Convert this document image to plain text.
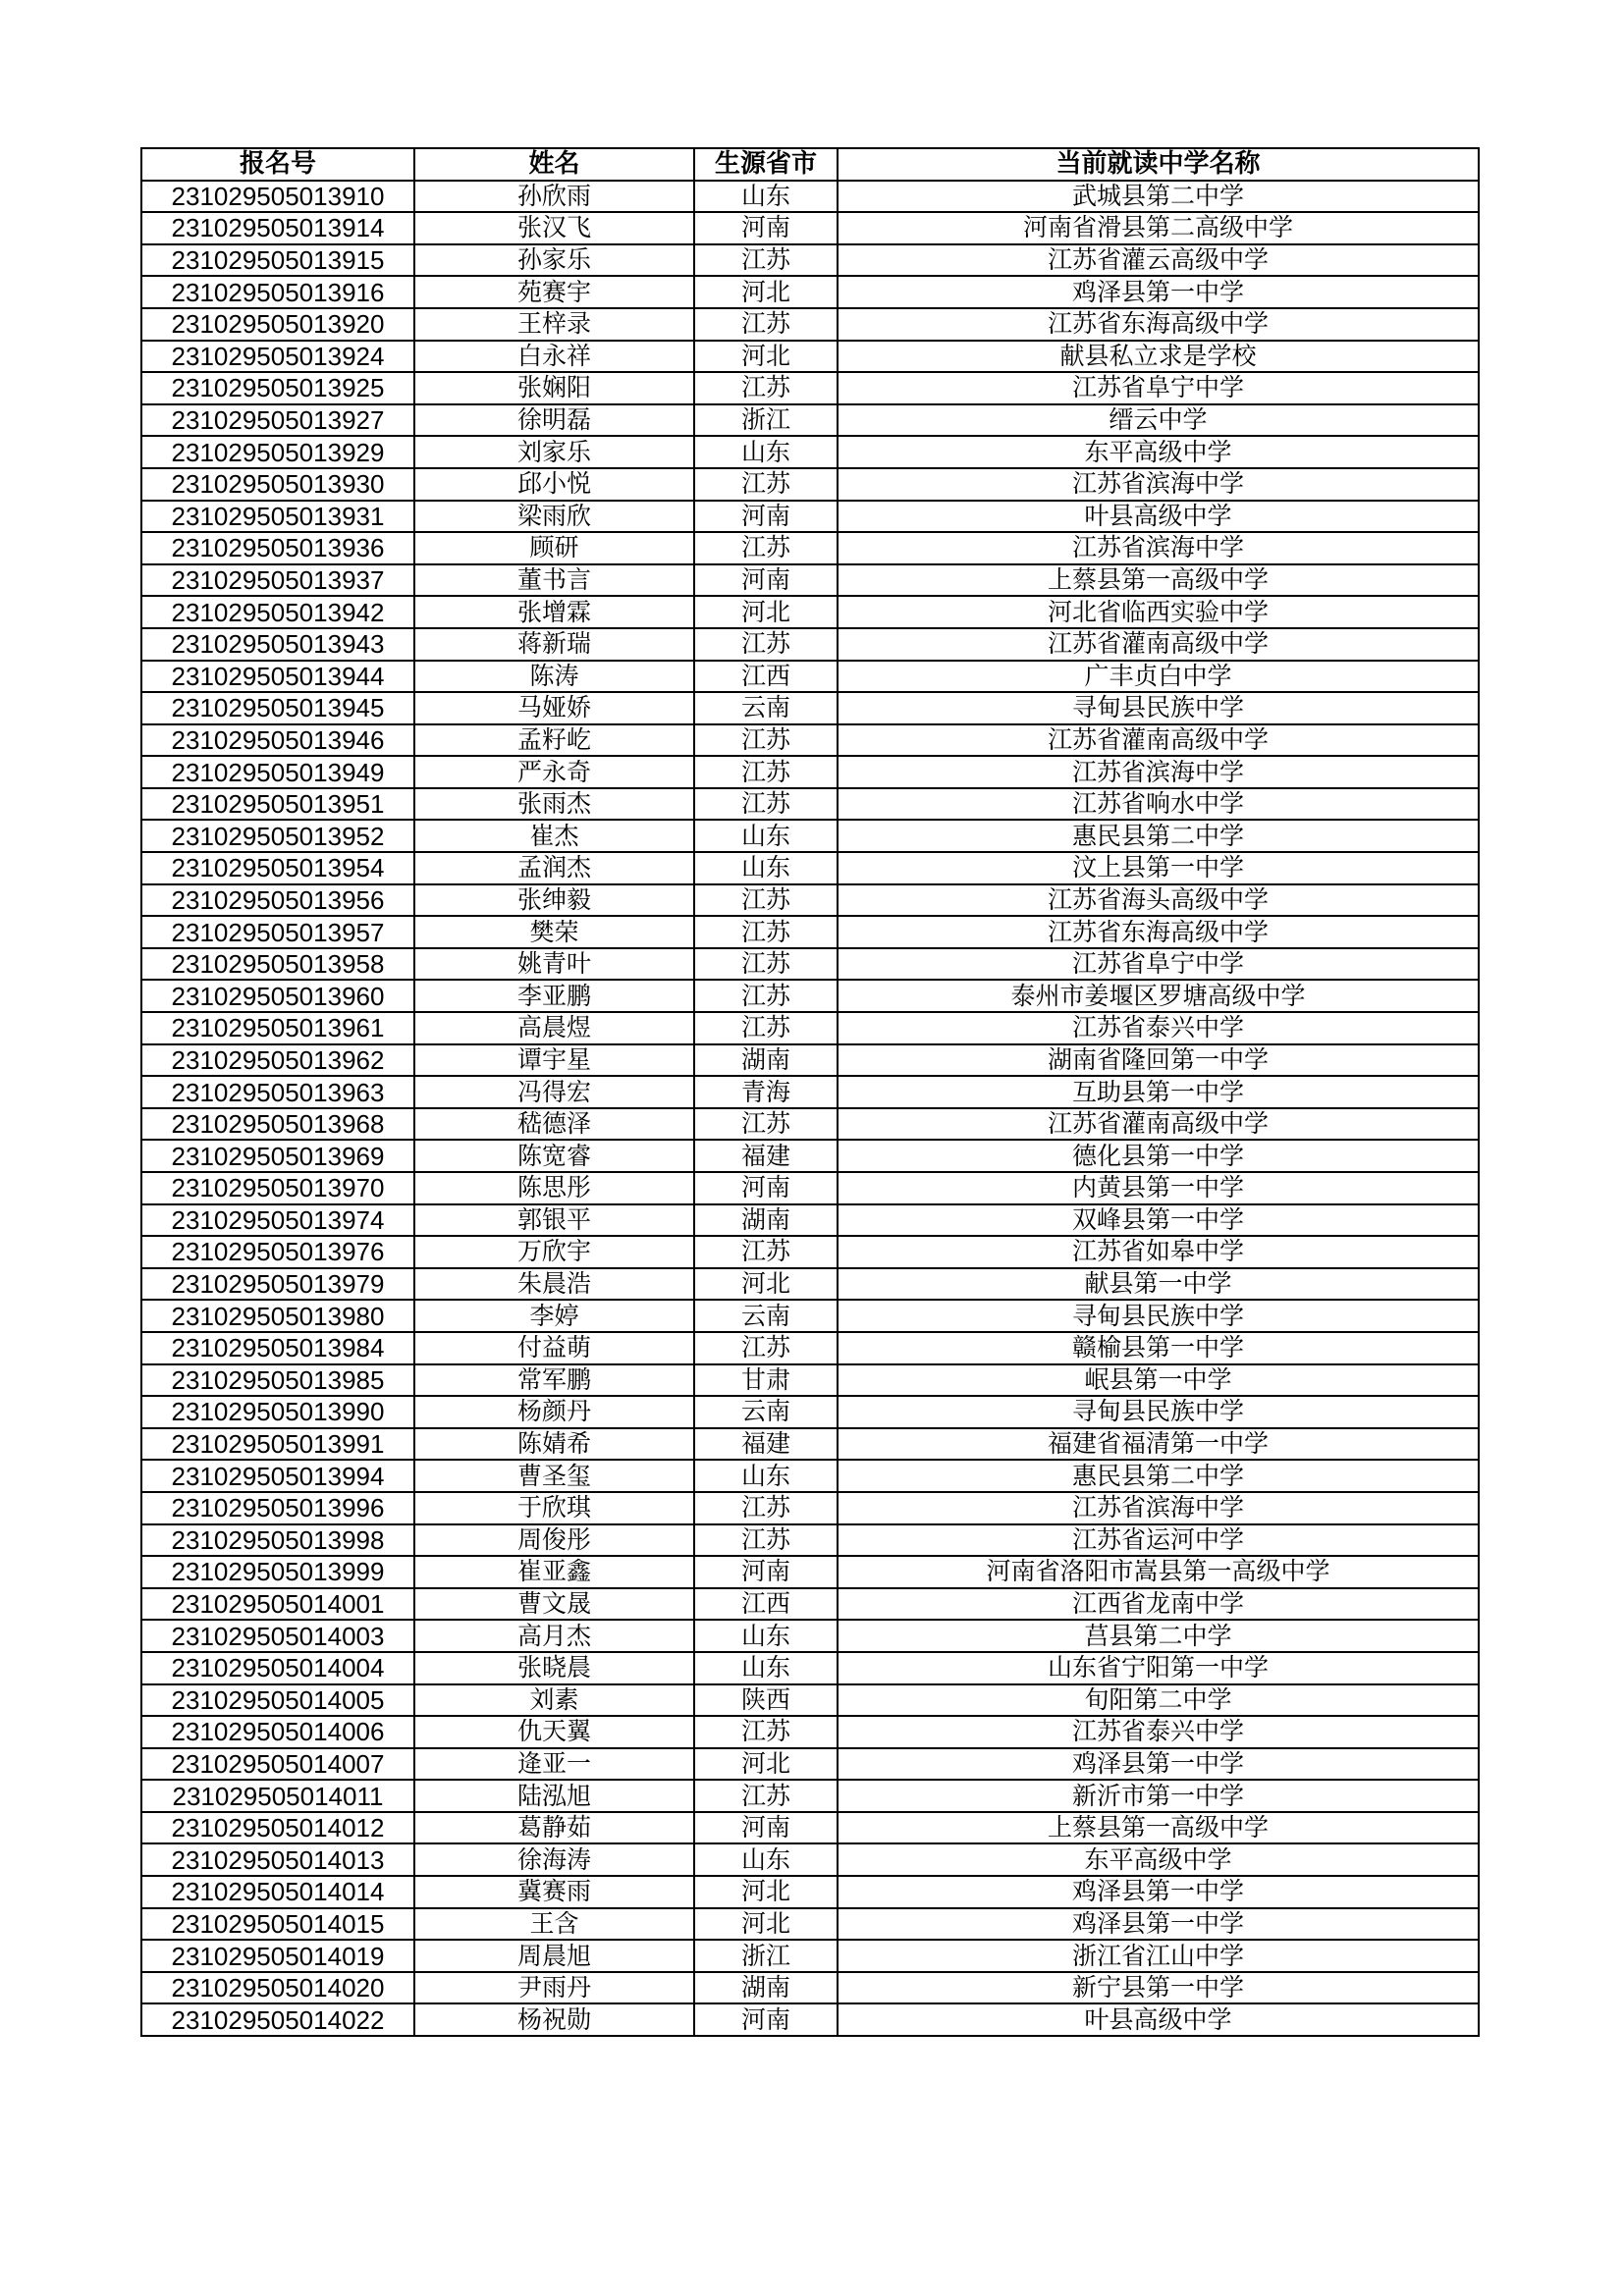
报名号	姓名	生源省市	当前就读中学名称
231029505013910	孙欣雨	山东	武城县第二中学
231029505013914	张汉飞	河南	河南省滑县第二高级中学
231029505013915	孙家乐	江苏	江苏省灌云高级中学
231029505013916	苑赛宇	河北	鸡泽县第一中学
231029505013920	王梓录	江苏	江苏省东海高级中学
231029505013924	白永祥	河北	献县私立求是学校
231029505013925	张娴阳	江苏	江苏省阜宁中学
231029505013927	徐明磊	浙江	缙云中学
231029505013929	刘家乐	山东	东平高级中学
231029505013930	邱小悦	江苏	江苏省滨海中学
231029505013931	梁雨欣	河南	叶县高级中学
231029505013936	顾研	江苏	江苏省滨海中学
231029505013937	董书言	河南	上蔡县第一高级中学
231029505013942	张增霖	河北	河北省临西实验中学
231029505013943	蒋新瑞	江苏	江苏省灌南高级中学
231029505013944	陈涛	江西	广丰贞白中学
231029505013945	马娅娇	云南	寻甸县民族中学
231029505013946	孟籽屹	江苏	江苏省灌南高级中学
231029505013949	严永奇	江苏	江苏省滨海中学
231029505013951	张雨杰	江苏	江苏省响水中学
231029505013952	崔杰	山东	惠民县第二中学
231029505013954	孟润杰	山东	汶上县第一中学
231029505013956	张绅毅	江苏	江苏省海头高级中学
231029505013957	樊荣	江苏	江苏省东海高级中学
231029505013958	姚青叶	江苏	江苏省阜宁中学
231029505013960	李亚鹏	江苏	泰州市姜堰区罗塘高级中学
231029505013961	高晨煜	江苏	江苏省泰兴中学
231029505013962	谭宇星	湖南	湖南省隆回第一中学
231029505013963	冯得宏	青海	互助县第一中学
231029505013968	嵇德泽	江苏	江苏省灌南高级中学
231029505013969	陈宽睿	福建	德化县第一中学
231029505013970	陈思彤	河南	内黄县第一中学
231029505013974	郭银平	湖南	双峰县第一中学
231029505013976	万欣宇	江苏	江苏省如皋中学
231029505013979	朱晨浩	河北	献县第一中学
231029505013980	李婷	云南	寻甸县民族中学
231029505013984	付益萌	江苏	赣榆县第一中学
231029505013985	常军鹏	甘肃	岷县第一中学
231029505013990	杨颜丹	云南	寻甸县民族中学
231029505013991	陈婧希	福建	福建省福清第一中学
231029505013994	曹圣玺	山东	惠民县第二中学
231029505013996	于欣琪	江苏	江苏省滨海中学
231029505013998	周俊彤	江苏	江苏省运河中学
231029505013999	崔亚鑫	河南	河南省洛阳市嵩县第一高级中学
231029505014001	曹文晟	江西	江西省龙南中学
231029505014003	高月杰	山东	莒县第二中学
231029505014004	张晓晨	山东	山东省宁阳第一中学
231029505014005	刘素	陕西	旬阳第二中学
231029505014006	仇天翼	江苏	江苏省泰兴中学
231029505014007	逄亚一	河北	鸡泽县第一中学
231029505014011	陆泓旭	江苏	新沂市第一中学
231029505014012	葛静茹	河南	上蔡县第一高级中学
231029505014013	徐海涛	山东	东平高级中学
231029505014014	冀赛雨	河北	鸡泽县第一中学
231029505014015	王含	河北	鸡泽县第一中学
231029505014019	周晨旭	浙江	浙江省江山中学
231029505014020	尹雨丹	湖南	新宁县第一中学
231029505014022	杨祝勋	河南	叶县高级中学
